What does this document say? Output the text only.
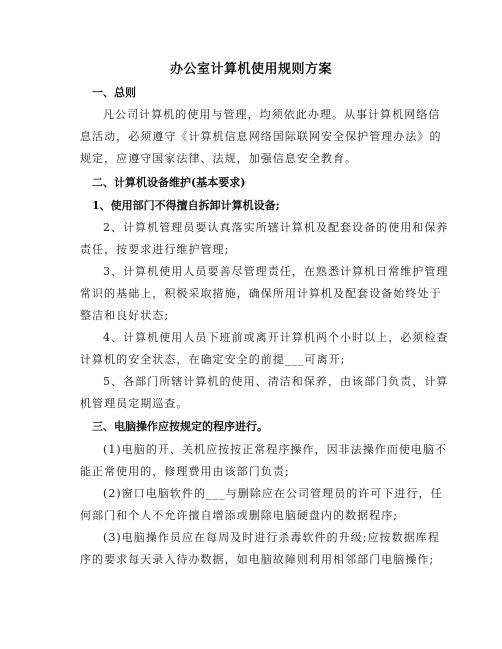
办公室计算机使用规则方案
一、总则
凡公司计算机的使用与管理，均须依此办理。从事计算机网络信
息活动，必须遵守《计算机信息网络国际联网安全保护管理办法》的
规定，应遵守国家法律、法规，加强信息安全教育。
二、计算机设备维护(基本要求)
1、使用部门不得擅自拆卸计算机设备;
2、计算机管理员要认真落实所辖计算机及配套设备的使用和保养
责任，按要求进行维护管理;
3、计算机使用人员要善尽管理责任，在熟悉计算机日常维护管理
常识的基础上，积极采取措施，确保所用计算机及配套设备始终处于
整洁和良好状态;
4、计算机使用人员下班前或离开计算机两个小时以上，必须检查
计算机的安全状态，在确定安全的前提___可离开;
5、各部门所辖计算机的使用、清洁和保养，由该部门负责，计算
机管理员定期巡查。
三、电脑操作应按规定的程序进行。
(1)电脑的开、关机应按按正常程序操作，因非法操作而使电脑不
能正常使用的，修理费用由该部门负责;
(2)窗口电脑软件的___与删除应在公司管理员的许可下进行，任
何部门和个人不允许擅自增添或删除电脑硬盘内的数据程序;
(3)电脑操作员应在每周及时进行杀毒软件的升级;应按数据库程
序的要求每天录入待办数据，如电脑故障则利用相邻部门电脑操作;
